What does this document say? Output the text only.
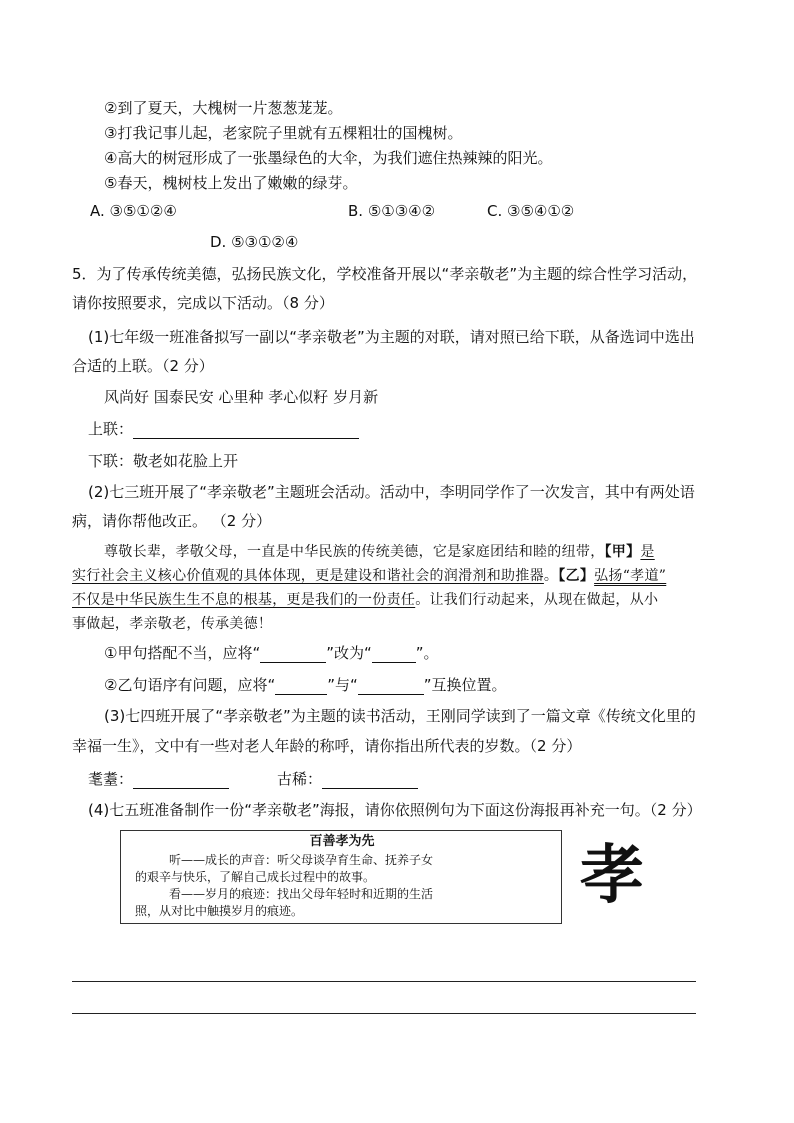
②到了夏天，大槐树一片葱葱茏茏。
③打我记事儿起，老家院子里就有五棵粗壮的国槐树。
④高大的树冠形成了一张墨绿色的大伞，为我们遮住热辣辣的阳光。
⑤春天，槐树枝上发出了嫩嫩的绿芽。
A. ③⑤①②④	B. ⑤①③④②	C. ③⑤④①②
D. ⑤③①②④
5．为了传承传统美德，弘扬民族文化，学校准备开展以“孝亲敬老”为主题的综合性学习活动，
请你按照要求，完成以下活动。（8 分）
(1)七年级一班准备拟写一副以“孝亲敬老”为主题的对联，请对照已给下联，从备选词中选出
合适的上联。（2 分）
风尚好 国泰民安 心里种 孝心似籽 岁月新
上联：
下联：敬老如花脸上开
(2)七三班开展了“孝亲敬老”主题班会活动。活动中，李明同学作了一次发言，其中有两处语
病，请你帮他改正。 （2 分）
尊敬长辈，孝敬父母，一直是中华民族的传统美德，它是家庭团结和睦的纽带，【甲】是
实行社会主义核心价值观的具体体现，更是建设和谐社会的润滑剂和助推器。【乙】弘扬“孝道”
不仅是中华民族生生不息的根基，更是我们的一份责任。让我们行动起来，从现在做起，从小
事做起，孝亲敬老，传承美德！
①甲句搭配不当，应将“	”改为“	”。
②乙句语序有问题，应将“	”与“	”互换位置。
(3)七四班开展了“孝亲敬老”为主题的读书活动，王刚同学读到了一篇文章《传统文化里的
幸福一生》，文中有一些对老人年龄的称呼，请你指出所代表的岁数。（2 分）
耄耋：	古稀：
(4)七五班准备制作一份“孝亲敬老”海报，请你依照例句为下面这份海报再补充一句。（2 分）
百善孝为先
听——成长的声音：听父母谈孕育生命、抚养子女
的艰辛与快乐，了解自己成长过程中的故事。
看——岁月的痕迹：找出父母年轻时和近期的生活
照，从对比中触摸岁月的痕迹。	孝
